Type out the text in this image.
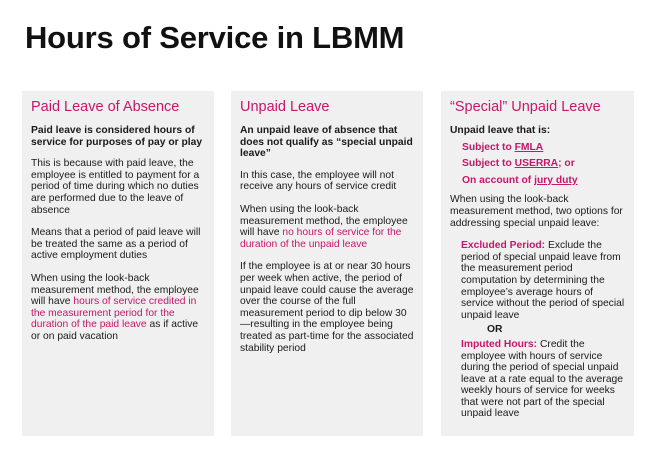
Hours of Service in LBMM
Paid Leave of Absence
Paid leave is considered hours of service for purposes of pay or play
This is because with paid leave, the employee is entitled to payment for a period of time during which no duties are performed due to the leave of absence
Means that a period of paid leave will be treated the same as a period of active employment duties
When using the look-back measurement method, the employee will have hours of service credited in the measurement period for the duration of the paid leave as if active or on paid vacation
Unpaid Leave
An unpaid leave of absence that does not qualify as “special unpaid leave”
In this case, the employee will not receive any hours of service credit
When using the look-back measurement method, the employee will have no hours of service for the duration of the unpaid leave
If the employee is at or near 30 hours per week when active, the period of unpaid leave could cause the average over the course of the full measurement period to dip below 30—resulting in the employee being treated as part-time for the associated stability period
“Special” Unpaid Leave
Unpaid leave that is:
Subject to FMLA
Subject to USERRA; or
On account of jury duty
When using the look-back measurement method, two options for addressing special unpaid leave:
Excluded Period: Exclude the period of special unpaid leave from the measurement period computation by determining the employee’s average hours of service without the period of special unpaid leave
OR
Imputed Hours: Credit the employee with hours of service during the period of special unpaid leave at a rate equal to the average weekly hours of service for weeks that were not part of the special unpaid leave
